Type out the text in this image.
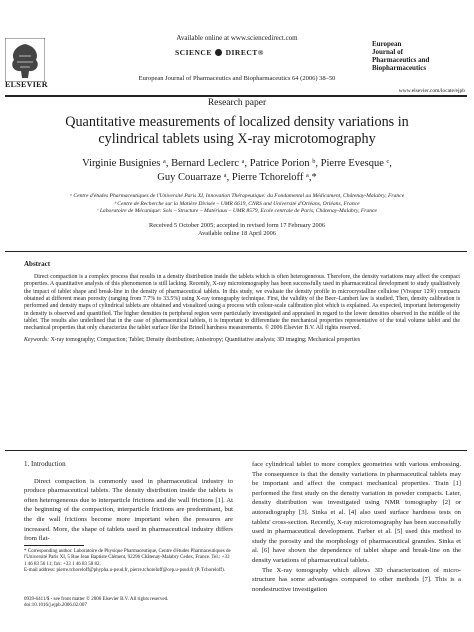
Available online at www.sciencedirect.com
SCIENCE DIRECT®
ELSEVIER
European Journal of Pharmaceutics and Biopharmaceutics 64 (2006) 38–50
European
Journal of
Pharmaceutics and
Biopharmaceutics
www.elsevier.com/locate/ejpb
Research paper
Quantitative measurements of localized density variations in cylindrical tablets using X-ray microtomography
Virginie Busignies ᵃ, Bernard Leclerc ᵃ, Patrice Porion ᵇ, Pierre Evesque ᶜ,
Guy Couarraze ᵃ, Pierre Tchoreloff ᵃ,*
ᵃ Centre d'études Pharmaceutiques de l'Université Paris XI, Innovation Thérapeutique: du Fondamental au Médicament, Châtenay-Malabry, France
ᵇ Centre de Recherche sur la Matière Divisée – UMR 6619, CNRS and Université d'Orléans, Orléans, France
ᶜ Laboratoire de Mécanique: Sols – Structure – Matériaux – UMR 8579, Ecole centrale de Paris, Châtenay-Malabry, France
Received 5 October 2005; accepted in revised form 17 February 2006
Available online 18 April 2006
Abstract

Direct compaction is a complex process that results in a density distribution inside the tablets which is often heterogeneous. Therefore, the density variations may affect the compact properties. A quantitative analysis of this phenomenon is still lacking. Recently, X-ray microtomography has been successfully used in pharmaceutical development to study qualitatively the impact of tablet shape and break-line in the density of pharmaceutical tablets. In this study, we evaluate the density profile in microcrystalline cellulose (Vivapur 12®) compacts obtained at different mean porosity (ranging from 7.7% to 33.5%) using X-ray tomography technique. First, the validity of the Beer–Lambert law is studied. Then, density calibration is performed and density maps of cylindrical tablets are obtained and visualized using a process with colour-scale calibration plot which is explained. As expected, important heterogeneity in density is observed and quantified. The higher densities in peripheral region were particularly investigated and appraised in regard to the lower densities observed in the middle of the tablet. The results also underlined that in the case of pharmaceutical tablets, it is important to differentiate the mechanical properties representative of the total volume tablet and the mechanical properties that only characterize the tablet surface like the Brinell hardness measurements. © 2006 Elsevier B.V. All rights reserved.

Keywords: X-ray tomography; Compaction; Tablet; Density distribution; Anisotropy; Quantitative analysis; 3D imaging; Mechanical properties
1. Introduction

Direct compaction is commonly used in pharmaceutical industry to produce pharmaceutical tablets. The density distribution inside the tablets is often heterogeneous due to interparticle frictions and die wall frictions [1]. At the beginning of the compaction, interparticle frictions are predominant, but the die wall frictions become more important when the pressures are increased. More, the shape of tablets used in pharmaceutical industry differs from flat-

face cylindrical tablet to more complex geometries with various embossing. The consequence is that the density variations in pharmaceutical tablets may be important and affect the compact mechanical properties. Train [1] performed the first study on the density variation in powder compacts. Later, density distribution was investigated using NMR tomography [2] or autoradiography [3]. Sinka et al. [4] also used surface hardness tests on tablets' cross-section. Recently, X-ray microtomography has been successfully used in pharmaceutical development. Farber et al. [5] used this method to study the porosity and the morphology of pharmaceutical granules. Sinka et al. [6] have shown the dependence of tablet shape and break-line on the density variations of pharmaceutical tablets.

The X-ray tomography which allows 3D characterization of micro-structure has some advantages compared to other methods [7]. This is a nondestructive investigation

* Corresponding author. Laboratoire de Physique Pharmaceutique, Centre d'études Pharmaceutiques de l'Université Paris XI, 5 Rue Jean Baptiste Clément, 92296 Châtenay-Malabry Cedex, France. Tel.: +33 1 46 83 56 11; fax: +33 1 46 83 58 82.
E-mail address: pierre.tchoreloff@phypha.u-psud.fr, pierre.tchoreloff@cep.u-psud.fr (P. Tchoreloff).
0939-6411/$ - see front matter © 2006 Elsevier B.V. All rights reserved.
doi:10.1016/j.ejpb.2006.02.007
